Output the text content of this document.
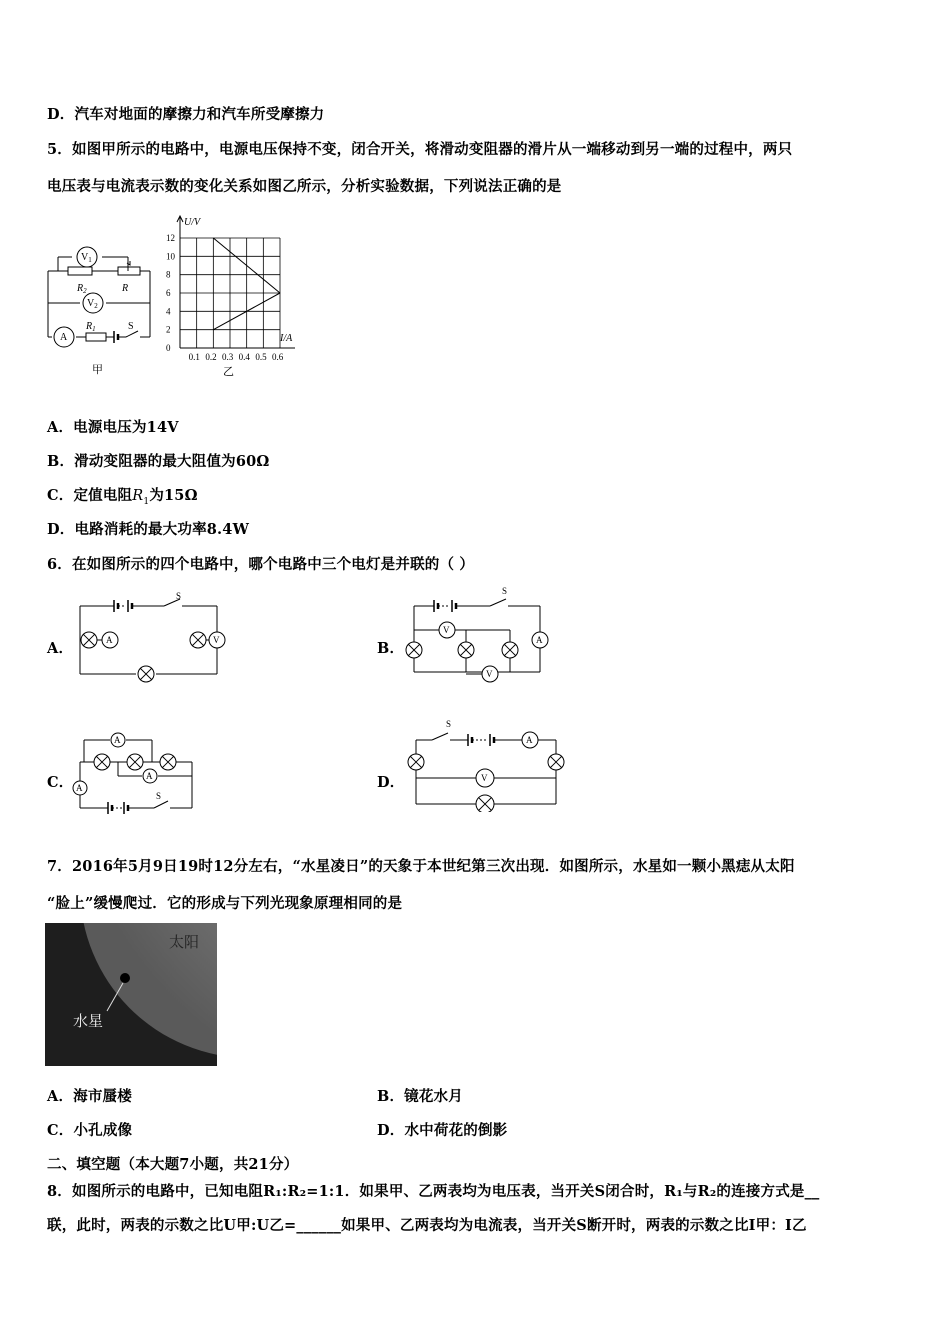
D．汽车对地面的摩擦力和汽车所受摩擦力
5．如图甲所示的电路中，电源电压保持不变，闭合开关，将滑动变阻器的滑片从一端移动到另一端的过程中，两只
电压表与电流表示数的变化关系如图乙所示，分析实验数据，下列说法正确的是
$V_1$
$V_2$
A
$R_2$	R
$R_1$	S
甲
12
10
8
6
4
2
0
0.1 0.2 0.3 0.4 0.5 0.6
U/V
I/A
乙
A．电源电压为14V
B．滑动变阻器的最大阻值为60Ω
C．定值电阻$R_1$为15Ω
D．电路消耗的最大功率8.4W
6．在如图所示的四个电路中，哪个电路中三个电灯是并联的（ ）
A．	B．
C．	D．
A	V
S
V
A
V
S
A
A
A
S
A
V
S
7．2016年5月9日19时12分左右，“水星凌日”的天象于本世纪第三次出现．如图所示，水星如一颗小黑痣从太阳
“脸上”缓慢爬过．它的形成与下列光现象原理相同的是
太阳
水星
A．海市蜃楼	B．镜花水月
C．小孔成像	D．水中荷花的倒影
二、填空题（本大题7小题，共21分）
8．如图所示的电路中，已知电阻R₁:R₂=1:1．如果甲、乙两表均为电压表，当开关S闭合时，R₁与R₂的连接方式是__
联，此时，两表的示数之比U甲:U乙=______如果甲、乙两表均为电流表，当开关S断开时，两表的示数之比I甲：I乙
